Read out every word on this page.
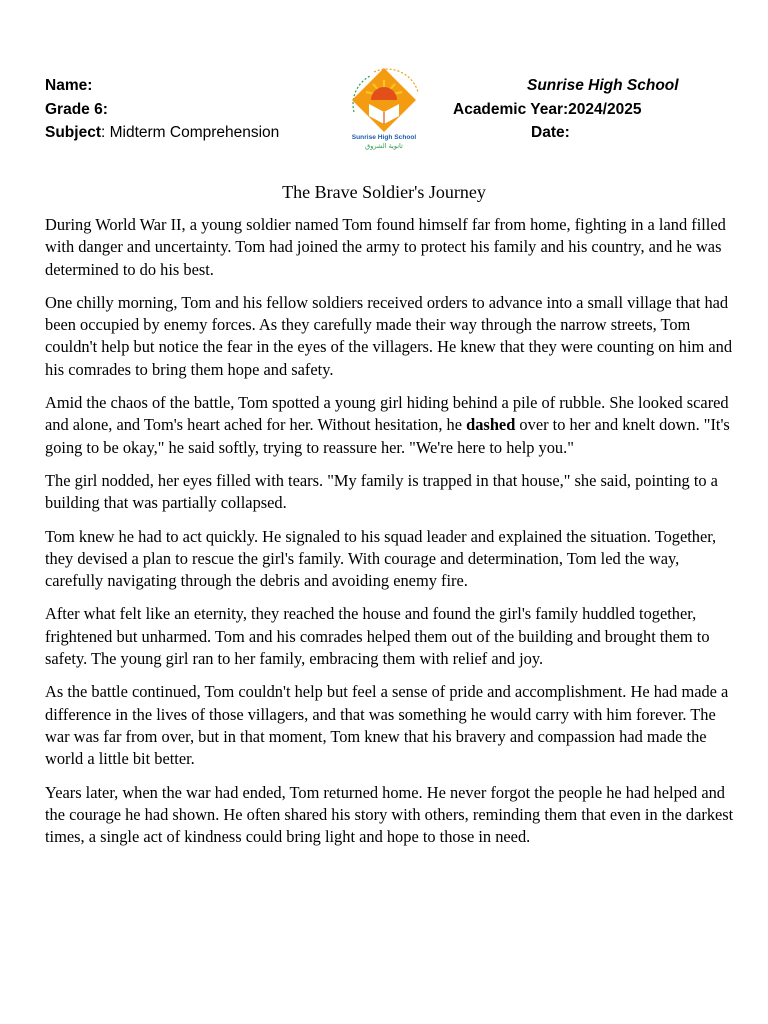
Name:
Grade 6:
Subject: Midterm Comprehension
Sunrise High School
Academic Year:2024/2025
Date:
Sunrise High School
ثانوية الشروق
The Brave Soldier's Journey

During World War II, a young soldier named Tom found himself far from home, fighting in a land filled with danger and uncertainty. Tom had joined the army to protect his family and his country, and he was determined to do his best.

One chilly morning, Tom and his fellow soldiers received orders to advance into a small village that had been occupied by enemy forces. As they carefully made their way through the narrow streets, Tom couldn't help but notice the fear in the eyes of the villagers. He knew that they were counting on him and his comrades to bring them hope and safety.

Amid the chaos of the battle, Tom spotted a young girl hiding behind a pile of rubble. She looked scared and alone, and Tom's heart ached for her. Without hesitation, he dashed over to her and knelt down. "It's going to be okay," he said softly, trying to reassure her. "We're here to help you."

The girl nodded, her eyes filled with tears. "My family is trapped in that house," she said, pointing to a building that was partially collapsed.

Tom knew he had to act quickly. He signaled to his squad leader and explained the situation. Together, they devised a plan to rescue the girl's family. With courage and determination, Tom led the way, carefully navigating through the debris and avoiding enemy fire.

After what felt like an eternity, they reached the house and found the girl's family huddled together, frightened but unharmed. Tom and his comrades helped them out of the building and brought them to safety. The young girl ran to her family, embracing them with relief and joy.

As the battle continued, Tom couldn't help but feel a sense of pride and accomplishment. He had made a difference in the lives of those villagers, and that was something he would carry with him forever. The war was far from over, but in that moment, Tom knew that his bravery and compassion had made the world a little bit better.

Years later, when the war had ended, Tom returned home. He never forgot the people he had helped and the courage he had shown. He often shared his story with others, reminding them that even in the darkest times, a single act of kindness could bring light and hope to those in need.
